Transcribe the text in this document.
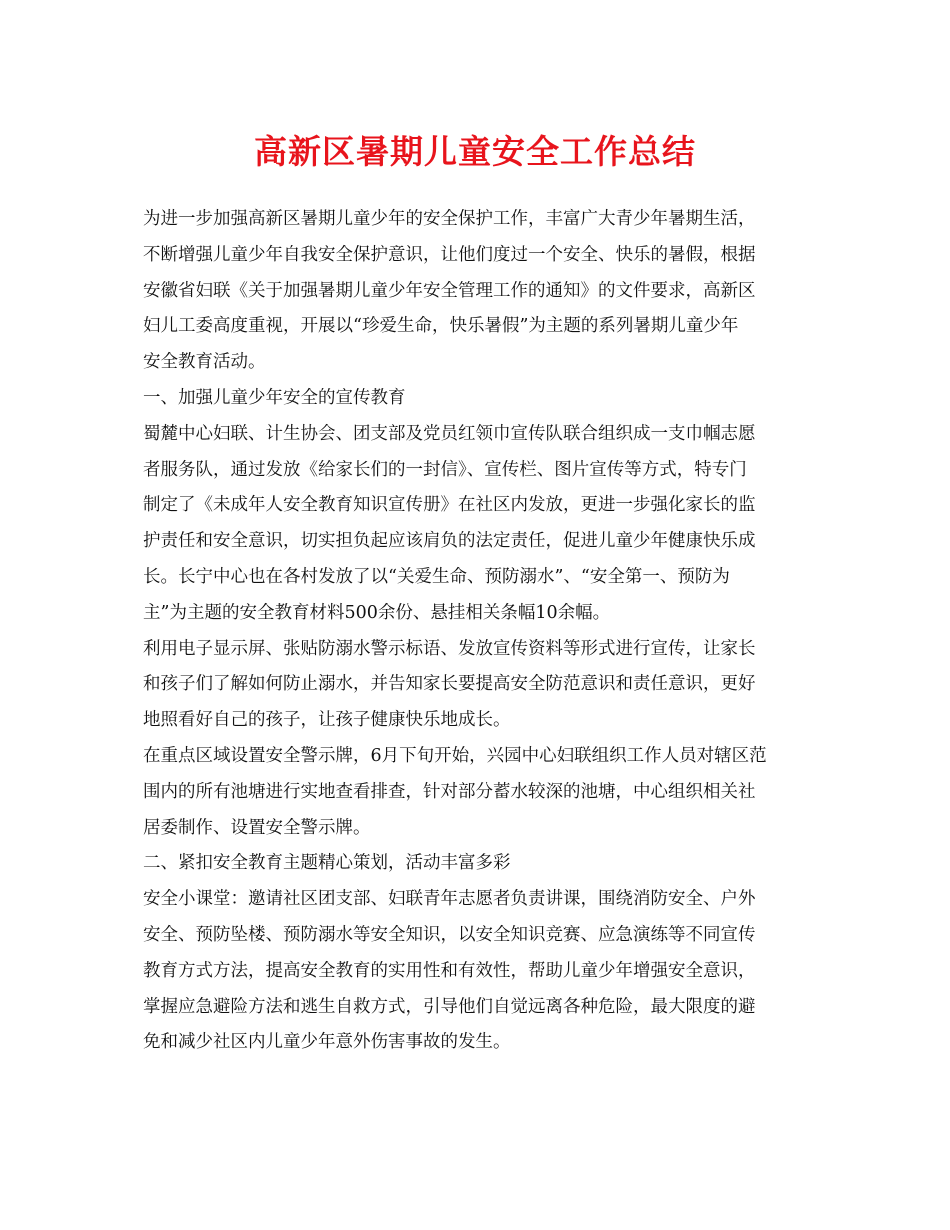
高新区暑期儿童安全工作总结

为进一步加强高新区暑期儿童少年的安全保护工作，丰富广大青少年暑期生活，

不断增强儿童少年自我安全保护意识，让他们度过一个安全、快乐的暑假，根据

安徽省妇联《关于加强暑期儿童少年安全管理工作的通知》的文件要求，高新区

妇儿工委高度重视，开展以“珍爱生命，快乐暑假”为主题的系列暑期儿童少年

安全教育活动。

一、加强儿童少年安全的宣传教育

蜀麓中心妇联、计生协会、团支部及党员红领巾宣传队联合组织成一支巾帼志愿

者服务队，通过发放《给家长们的一封信》、宣传栏、图片宣传等方式，特专门

制定了《未成年人安全教育知识宣传册》在社区内发放，更进一步强化家长的监

护责任和安全意识，切实担负起应该肩负的法定责任，促进儿童少年健康快乐成

长。长宁中心也在各村发放了以“关爱生命、预防溺水”、“安全第一、预防为

主”为主题的安全教育材料500余份、悬挂相关条幅10余幅。

利用电子显示屏、张贴防溺水警示标语、发放宣传资料等形式进行宣传，让家长

和孩子们了解如何防止溺水，并告知家长要提高安全防范意识和责任意识，更好

地照看好自己的孩子，让孩子健康快乐地成长。

在重点区域设置安全警示牌，6月下旬开始，兴园中心妇联组织工作人员对辖区范

围内的所有池塘进行实地查看排查，针对部分蓄水较深的池塘，中心组织相关社

居委制作、设置安全警示牌。

二、紧扣安全教育主题精心策划，活动丰富多彩

安全小课堂：邀请社区团支部、妇联青年志愿者负责讲课，围绕消防安全、户外

安全、预防坠楼、预防溺水等安全知识，以安全知识竞赛、应急演练等不同宣传

教育方式方法，提高安全教育的实用性和有效性，帮助儿童少年增强安全意识，

掌握应急避险方法和逃生自救方式，引导他们自觉远离各种危险，最大限度的避

免和减少社区内儿童少年意外伤害事故的发生。
